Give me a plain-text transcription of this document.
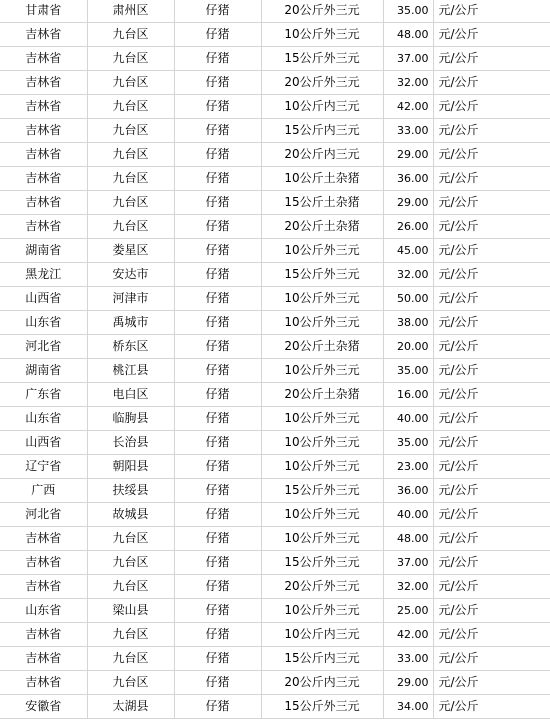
甘肃省	肃州区	仔猪	20公斤外三元	35.00	元/公斤
吉林省	九台区	仔猪	10公斤外三元	48.00	元/公斤
吉林省	九台区	仔猪	15公斤外三元	37.00	元/公斤
吉林省	九台区	仔猪	20公斤外三元	32.00	元/公斤
吉林省	九台区	仔猪	10公斤内三元	42.00	元/公斤
吉林省	九台区	仔猪	15公斤内三元	33.00	元/公斤
吉林省	九台区	仔猪	20公斤内三元	29.00	元/公斤
吉林省	九台区	仔猪	10公斤土杂猪	36.00	元/公斤
吉林省	九台区	仔猪	15公斤土杂猪	29.00	元/公斤
吉林省	九台区	仔猪	20公斤土杂猪	26.00	元/公斤
湖南省	娄星区	仔猪	10公斤外三元	45.00	元/公斤
黑龙江	安达市	仔猪	15公斤外三元	32.00	元/公斤
山西省	河津市	仔猪	10公斤外三元	50.00	元/公斤
山东省	禹城市	仔猪	10公斤外三元	38.00	元/公斤
河北省	桥东区	仔猪	20公斤土杂猪	20.00	元/公斤
湖南省	桃江县	仔猪	10公斤外三元	35.00	元/公斤
广东省	电白区	仔猪	20公斤土杂猪	16.00	元/公斤
山东省	临朐县	仔猪	10公斤外三元	40.00	元/公斤
山西省	长治县	仔猪	10公斤外三元	35.00	元/公斤
辽宁省	朝阳县	仔猪	10公斤外三元	23.00	元/公斤
广西	扶绥县	仔猪	15公斤外三元	36.00	元/公斤
河北省	故城县	仔猪	10公斤外三元	40.00	元/公斤
吉林省	九台区	仔猪	10公斤外三元	48.00	元/公斤
吉林省	九台区	仔猪	15公斤外三元	37.00	元/公斤
吉林省	九台区	仔猪	20公斤外三元	32.00	元/公斤
山东省	梁山县	仔猪	10公斤外三元	25.00	元/公斤
吉林省	九台区	仔猪	10公斤内三元	42.00	元/公斤
吉林省	九台区	仔猪	15公斤内三元	33.00	元/公斤
吉林省	九台区	仔猪	20公斤内三元	29.00	元/公斤
安徽省	太湖县	仔猪	15公斤外三元	34.00	元/公斤
